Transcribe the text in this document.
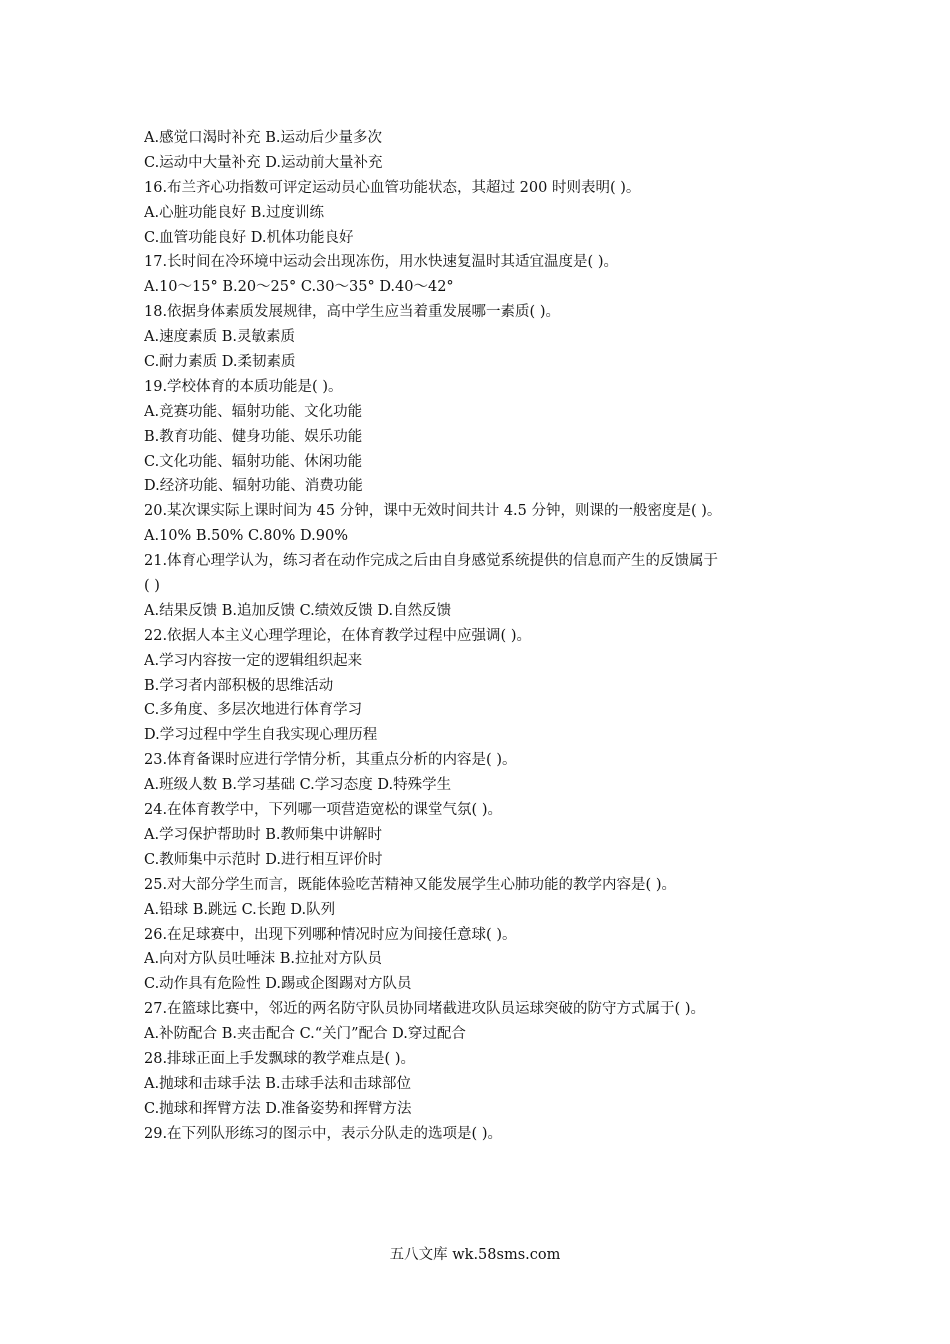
A.感觉口渴时补充 B.运动后少量多次
C.运动中大量补充 D.运动前大量补充
16.布兰齐心功指数可评定运动员心血管功能状态，其超过 200 时则表明( )。
A.心脏功能良好 B.过度训练
C.血管功能良好 D.机体功能良好
17.长时间在冷环境中运动会出现冻伤，用水快速复温时其适宜温度是( )。
A.10～15° B.20～25° C.30～35° D.40～42°
18.依据身体素质发展规律，高中学生应当着重发展哪一素质( )。
A.速度素质 B.灵敏素质
C.耐力素质 D.柔韧素质
19.学校体育的本质功能是( )。
A.竞赛功能、辐射功能、文化功能
B.教育功能、健身功能、娱乐功能
C.文化功能、辐射功能、休闲功能
D.经济功能、辐射功能、消费功能
20.某次课实际上课时间为 45 分钟，课中无效时间共计 4.5 分钟，则课的一般密度是( )。
A.10% B.50% C.80% D.90%
21.体育心理学认为，练习者在动作完成之后由自身感觉系统提供的信息而产生的反馈属于
( )
A.结果反馈 B.追加反馈 C.绩效反馈 D.自然反馈
22.依据人本主义心理学理论，在体育教学过程中应强调( )。
A.学习内容按一定的逻辑组织起来
B.学习者内部积极的思维活动
C.多角度、多层次地进行体育学习
D.学习过程中学生自我实现心理历程
23.体育备课时应进行学情分析，其重点分析的内容是( )。
A.班级人数 B.学习基础 C.学习态度 D.特殊学生
24.在体育教学中，下列哪一项营造宽松的课堂气氛( )。
A.学习保护帮助时 B.教师集中讲解时
C.教师集中示范时 D.进行相互评价时
25.对大部分学生而言，既能体验吃苦精神又能发展学生心肺功能的教学内容是( )。
A.铅球 B.跳远 C.长跑 D.队列
26.在足球赛中，出现下列哪种情况时应为间接任意球( )。
A.向对方队员吐唾沫 B.拉扯对方队员
C.动作具有危险性 D.踢或企图踢对方队员
27.在篮球比赛中，邻近的两名防守队员协同堵截进攻队员运球突破的防守方式属于( )。
A.补防配合 B.夹击配合 C.“关门”配合 D.穿过配合
28.排球正面上手发飘球的教学难点是( )。
A.抛球和击球手法 B.击球手法和击球部位
C.抛球和挥臂方法 D.准备姿势和挥臂方法
29.在下列队形练习的图示中，表示分队走的选项是( )。
五八文库 wk.58sms.com
